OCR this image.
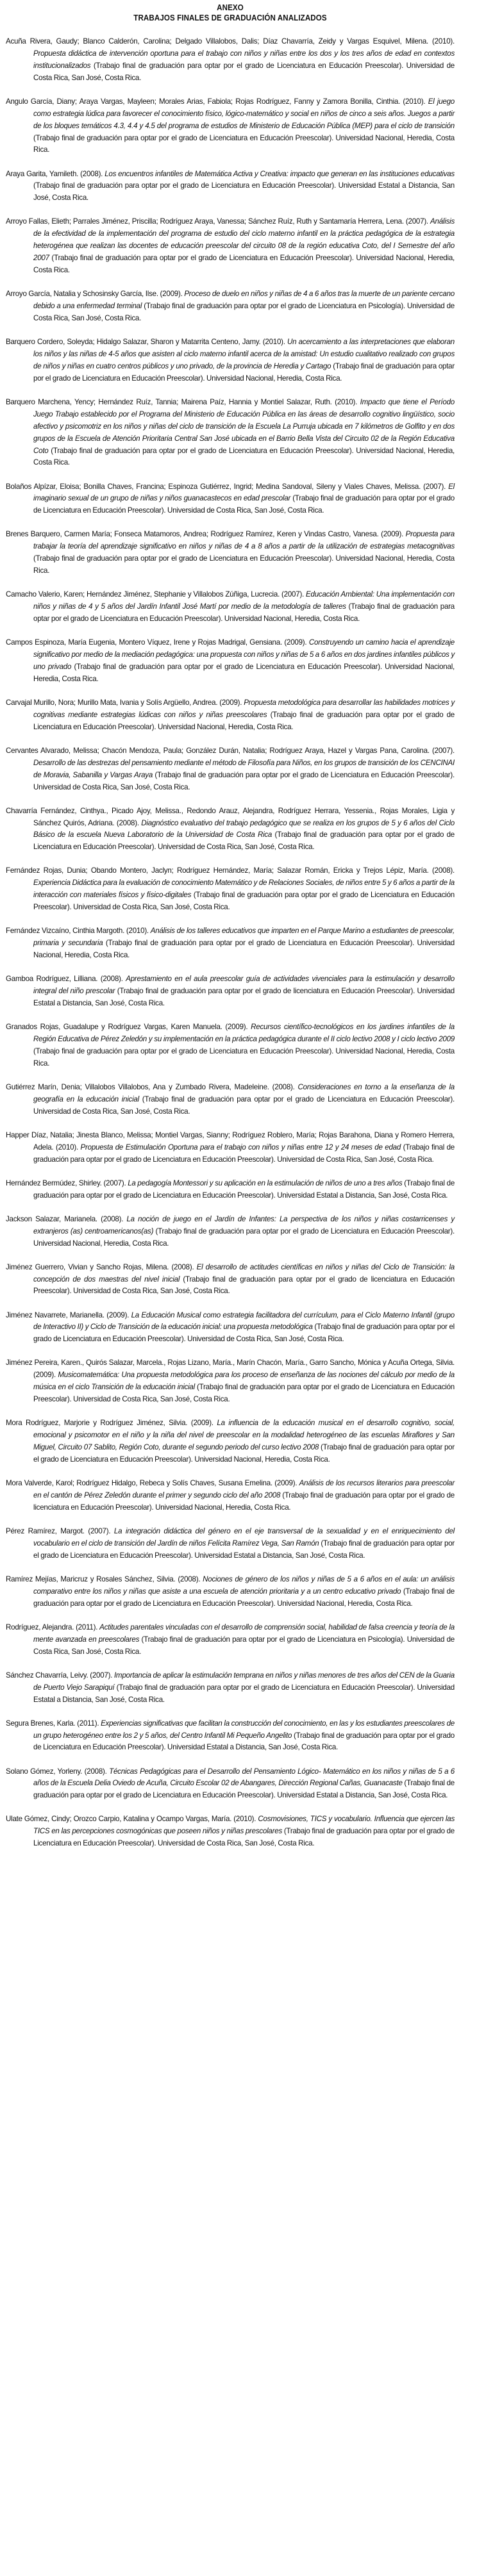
ANEXO
TRABAJOS FINALES DE GRADUACIÓN ANALIZADOS

Acuña Rivera, Gaudy; Blanco Calderón, Carolina; Delgado Villalobos, Dalis; Díaz Chavarría, Zeidy y Vargas Esquivel, Milena. (2010). Propuesta didáctica de intervención oportuna para el trabajo con niños y niñas entre los dos y los tres años de edad en contextos institucionalizados (Trabajo final de graduación para optar por el grado de Licenciatura en Educación Preescolar). Universidad de Costa Rica, San José, Costa Rica.

Angulo García, Diany; Araya Vargas, Mayleen; Morales Arias, Fabiola; Rojas Rodríguez, Fanny y Zamora Bonilla, Cinthia. (2010). El juego como estrategia lúdica para favorecer el conocimiento físico, lógico-matemático y social en niños de cinco a seis años. Juegos a partir de los bloques temáticos 4.3, 4.4 y 4.5 del programa de estudios de Ministerio de Educación Pública (MEP) para el ciclo de transición (Trabajo final de graduación para optar por el grado de Licenciatura en Educación Preescolar). Universidad Nacional, Heredia, Costa Rica.

Araya Garita, Yamileth. (2008). Los encuentros infantiles de Matemática Activa y Creativa: impacto que generan en las instituciones educativas (Trabajo final de graduación para optar por el grado de Licenciatura en Educación Preescolar). Universidad Estatal a Distancia, San José, Costa Rica.

Arroyo Fallas, Elieth; Parrales Jiménez, Priscilla; Rodríguez Araya, Vanessa; Sánchez Ruíz, Ruth y Santamaría Herrera, Lena. (2007). Análisis de la efectividad de la implementación del programa de estudio del ciclo materno infantil en la práctica pedagógica de la estrategia heterogénea que realizan las docentes de educación preescolar del circuito 08 de la región educativa Coto, del I Semestre del año 2007 (Trabajo final de graduación para optar por el grado de Licenciatura en Educación Preescolar). Universidad Nacional, Heredia, Costa Rica.

Arroyo García, Natalia y Schosinsky García, Ilse. (2009). Proceso de duelo en niños y niñas de 4 a 6 años tras la muerte de un pariente cercano debido a una enfermedad terminal (Trabajo final de graduación para optar por el grado de Licenciatura en Psicología). Universidad de Costa Rica, San José, Costa Rica.

Barquero Cordero, Soleyda; Hidalgo Salazar, Sharon y Matarrita Centeno, Jamy. (2010). Un acercamiento a las interpretaciones que elaboran los niños y las niñas de 4-5 años que asisten al ciclo materno infantil acerca de la amistad: Un estudio cualitativo realizado con grupos de niños y niñas en cuatro centros públicos y uno privado, de la provincia de Heredia y Cartago (Trabajo final de graduación para optar por el grado de Licenciatura en Educación Preescolar). Universidad Nacional, Heredia, Costa Rica.

Barquero Marchena, Yency; Hernández Ruíz, Tannia; Mairena Paíz, Hannia y Montiel Salazar, Ruth. (2010). Impacto que tiene el Período Juego Trabajo establecido por el Programa del Ministerio de Educación Pública en las áreas de desarrollo cognitivo lingüístico, socio afectivo y psicomotriz en los niños y niñas del ciclo de transición de la Escuela La Purruja ubicada en 7 kilómetros de Golfito y en dos grupos de la Escuela de Atención Prioritaria Central San José ubicada en el Barrio Bella Vista del Circuito 02 de la Región Educativa Coto (Trabajo final de graduación para optar por el grado de Licenciatura en Educación Preescolar). Universidad Nacional, Heredia, Costa Rica.

Bolaños Alpízar, Eloisa; Bonilla Chaves, Francina; Espinoza Gutiérrez, Ingrid; Medina Sandoval, Sileny y Viales Chaves, Melissa. (2007). El imaginario sexual de un grupo de niñas y niños guanacastecos en edad prescolar (Trabajo final de graduación para optar por el grado de Licenciatura en Educación Preescolar). Universidad de Costa Rica, San José, Costa Rica.

Brenes Barquero, Carmen María; Fonseca Matamoros, Andrea; Rodríguez Ramírez, Keren y Vindas Castro, Vanesa. (2009). Propuesta para trabajar la teoría del aprendizaje significativo en niños y niñas de 4 a 8 años a partir de la utilización de estrategias metacognitivas (Trabajo final de graduación para optar por el grado de Licenciatura en Educación Preescolar). Universidad Nacional, Heredia, Costa Rica.

Camacho Valerio, Karen; Hernández Jiménez, Stephanie y Villalobos Zúñiga, Lucrecia. (2007). Educación Ambiental: Una implementación con niños y niñas de 4 y 5 años del Jardín Infantil José Martí por medio de la metodología de talleres (Trabajo final de graduación para optar por el grado de Licenciatura en Educación Preescolar). Universidad Nacional, Heredia, Costa Rica.

Campos Espinoza, María Eugenia, Montero Víquez, Irene y Rojas Madrigal, Gensiana. (2009). Construyendo un camino hacia el aprendizaje significativo por medio de la mediación pedagógica: una propuesta con niños y niñas de 5 a 6 años en dos jardines infantiles públicos y uno privado (Trabajo final de graduación para optar por el grado de Licenciatura en Educación Preescolar). Universidad Nacional, Heredia, Costa Rica.

Carvajal Murillo, Nora; Murillo Mata, Ivania y Solís Argüello, Andrea. (2009). Propuesta metodológica para desarrollar las habilidades motrices y cognitivas mediante estrategias lúdicas con niños y niñas preescolares (Trabajo final de graduación para optar por el grado de Licenciatura en Educación Preescolar). Universidad Nacional, Heredia, Costa Rica.

Cervantes Alvarado, Melissa; Chacón Mendoza, Paula; González Durán, Natalia; Rodríguez Araya, Hazel y Vargas Pana, Carolina. (2007). Desarrollo de las destrezas del pensamiento mediante el método de Filosofía para Niños, en los grupos de transición de los CENCINAI de Moravia, Sabanilla y Vargas Araya (Trabajo final de graduación para optar por el grado de Licenciatura en Educación Preescolar). Universidad de Costa Rica, San José, Costa Rica.

Chavarría Fernández, Cinthya., Picado Ajoy, Melissa., Redondo Arauz, Alejandra, Rodríguez Herrara, Yessenia., Rojas Morales, Ligia y Sánchez Quirós, Adriana. (2008). Diagnóstico evaluativo del trabajo pedagógico que se realiza en los grupos de 5 y 6 años del Ciclo Básico de la escuela Nueva Laboratorio de la Universidad de Costa Rica (Trabajo final de graduación para optar por el grado de Licenciatura en Educación Preescolar). Universidad de Costa Rica, San José, Costa Rica.

Fernández Rojas, Dunia; Obando Montero, Jaclyn; Rodríguez Hernández, María; Salazar Román, Ericka y Trejos Lépiz, María. (2008). Experiencia Didáctica para la evaluación de conocimiento Matemático y de Relaciones Sociales, de niños entre 5 y 6 años a partir de la interacción con materiales físicos y físico-digitales (Trabajo final de graduación para optar por el grado de Licenciatura en Educación Preescolar). Universidad de Costa Rica, San José, Costa Rica.

Fernández Vizcaíno, Cinthia Margoth. (2010). Análisis de los talleres educativos que imparten en el Parque Marino a estudiantes de preescolar, primaria y secundaria (Trabajo final de graduación para optar por el grado de Licenciatura en Educación Preescolar). Universidad Nacional, Heredia, Costa Rica.

Gamboa Rodríguez, Lilliana. (2008). Aprestamiento en el aula preescolar guía de actividades vivenciales para la estimulación y desarrollo integral del niño prescolar (Trabajo final de graduación para optar por el grado de licenciatura en Educación Preescolar). Universidad Estatal a Distancia, San José, Costa Rica.

Granados Rojas, Guadalupe y Rodríguez Vargas, Karen Manuela. (2009). Recursos científico-tecnológicos en los jardines infantiles de la Región Educativa de Pérez Zeledón y su implementación en la práctica pedagógica durante el II ciclo lectivo 2008 y I ciclo lectivo 2009 (Trabajo final de graduación para optar por el grado de Licenciatura en Educación Preescolar). Universidad Nacional, Heredia, Costa Rica.

Gutiérrez Marín, Denia; Villalobos Villalobos, Ana y Zumbado Rivera, Madeleine. (2008). Consideraciones en torno a la enseñanza de la geografía en la educación inicial (Trabajo final de graduación para optar por el grado de Licenciatura en Educación Preescolar). Universidad de Costa Rica, San José, Costa Rica.

Happer Díaz, Natalia; Jinesta Blanco, Melissa; Montiel Vargas, Sianny; Rodríguez Roblero, María; Rojas Barahona, Diana y Romero Herrera, Adela. (2010). Propuesta de Estimulación Oportuna para el trabajo con niños y niñas entre 12 y 24 meses de edad (Trabajo final de graduación para optar por el grado de Licenciatura en Educación Preescolar). Universidad de Costa Rica, San José, Costa Rica.

Hernández Bermúdez, Shirley. (2007). La pedagogía Montessori y su aplicación en la estimulación de niños de uno a tres años (Trabajo final de graduación para optar por el grado de Licenciatura en Educación Preescolar). Universidad Estatal a Distancia, San José, Costa Rica.

Jackson Salazar, Marianela. (2008). La noción de juego en el Jardín de Infantes: La perspectiva de los niños y niñas costarricenses y extranjeros (as) centroamericanos(as) (Trabajo final de graduación para optar por el grado de Licenciatura en Educación Preescolar). Universidad Nacional, Heredia, Costa Rica.

Jiménez Guerrero, Vivian y Sancho Rojas, Milena. (2008). El desarrollo de actitudes científicas en niños y niñas del Ciclo de Transición: la concepción de dos maestras del nivel inicial (Trabajo final de graduación para optar por el grado de licenciatura en Educación Preescolar). Universidad de Costa Rica, San José, Costa Rica.

Jiménez Navarrete, Marianella. (2009). La Educación Musical como estrategia facilitadora del currículum, para el Ciclo Materno Infantil (grupo de Interactivo II) y Ciclo de Transición de la educación inicial: una propuesta metodológica (Trabajo final de graduación para optar por el grado de Licenciatura en Educación Preescolar). Universidad de Costa Rica, San José, Costa Rica.

Jiménez Pereira, Karen., Quirós Salazar, Marcela., Rojas Lizano, María., Marín Chacón, María., Garro Sancho, Mónica y Acuña Ortega, Silvia. (2009). Musicomatemática: Una propuesta metodológica para los proceso de enseñanza de las nociones del cálculo por medio de la música en el ciclo Transición de la educación inicial (Trabajo final de graduación para optar por el grado de Licenciatura en Educación Preescolar). Universidad de Costa Rica, San José, Costa Rica.

Mora Rodríguez, Marjorie y Rodríguez Jiménez, Silvia. (2009). La influencia de la educación musical en el desarrollo cognitivo, social, emocional y psicomotor en el niño y la niña del nivel de preescolar en la modalidad heterogéneo de las escuelas Miraflores y San Miguel, Circuito 07 Sablito, Región Coto, durante el segundo periodo del curso lectivo 2008 (Trabajo final de graduación para optar por el grado de Licenciatura en Educación Preescolar). Universidad Nacional, Heredia, Costa Rica.

Mora Valverde, Karol; Rodríguez Hidalgo, Rebeca y Solís Chaves, Susana Emelina. (2009). Análisis de los recursos literarios para preescolar en el cantón de Pérez Zeledón durante el primer y segundo ciclo del año 2008 (Trabajo final de graduación para optar por el grado de licenciatura en Educación Preescolar). Universidad Nacional, Heredia, Costa Rica.

Pérez Ramírez, Margot. (2007). La integración didáctica del género en el eje transversal de la sexualidad y en el enriquecimiento del vocabulario en el ciclo de transición del Jardín de niños Felícita Ramírez Vega, San Ramón (Trabajo final de graduación para optar por el grado de Licenciatura en Educación Preescolar). Universidad Estatal a Distancia, San José, Costa Rica.

Ramírez Mejías, Maricruz y Rosales Sánchez, Silvia. (2008). Nociones de género de los niños y niñas de 5 a 6 años en el aula: un análisis comparativo entre los niños y niñas que asiste a una escuela de atención prioritaria y a un centro educativo privado (Trabajo final de graduación para optar por el grado de Licenciatura en Educación Preescolar). Universidad Nacional, Heredia, Costa Rica.

Rodríguez, Alejandra. (2011). Actitudes parentales vinculadas con el desarrollo de comprensión social, habilidad de falsa creencia y teoría de la mente avanzada en preescolares (Trabajo final de graduación para optar por el grado de Licenciatura en Psicología). Universidad de Costa Rica, San José, Costa Rica.

Sánchez Chavarría, Leivy. (2007). Importancia de aplicar la estimulación temprana en niños y niñas menores de tres años del CEN de la Guaria de Puerto Viejo Sarapiquí (Trabajo final de graduación para optar por el grado de Licenciatura en Educación Preescolar). Universidad Estatal a Distancia, San José, Costa Rica.

Segura Brenes, Karla. (2011). Experiencias significativas que facilitan la construcción del conocimiento, en las y los estudiantes preescolares de un grupo heterogéneo entre los 2 y 5 años, del Centro Infantil Mi Pequeño Angelito (Trabajo final de graduación para optar por el grado de Licenciatura en Educación Preescolar). Universidad Estatal a Distancia, San José, Costa Rica.

Solano Gómez, Yorleny. (2008). Técnicas Pedagógicas para el Desarrollo del Pensamiento Lógico- Matemático en los niños y niñas de 5 a 6 años de la Escuela Delia Oviedo de Acuña, Circuito Escolar 02 de Abangares, Dirección Regional Cañas, Guanacaste (Trabajo final de graduación para optar por el grado de Licenciatura en Educación Preescolar). Universidad Estatal a Distancia, San José, Costa Rica.

Ulate Gómez, Cindy; Orozco Carpio, Katalina y Ocampo Vargas, María. (2010). Cosmovisiones, TICS y vocabulario. Influencia que ejercen las TICS en las percepciones cosmogónicas que poseen niños y niñas prescolares (Trabajo final de graduación para optar por el grado de Licenciatura en Educación Preescolar). Universidad de Costa Rica, San José, Costa Rica.
